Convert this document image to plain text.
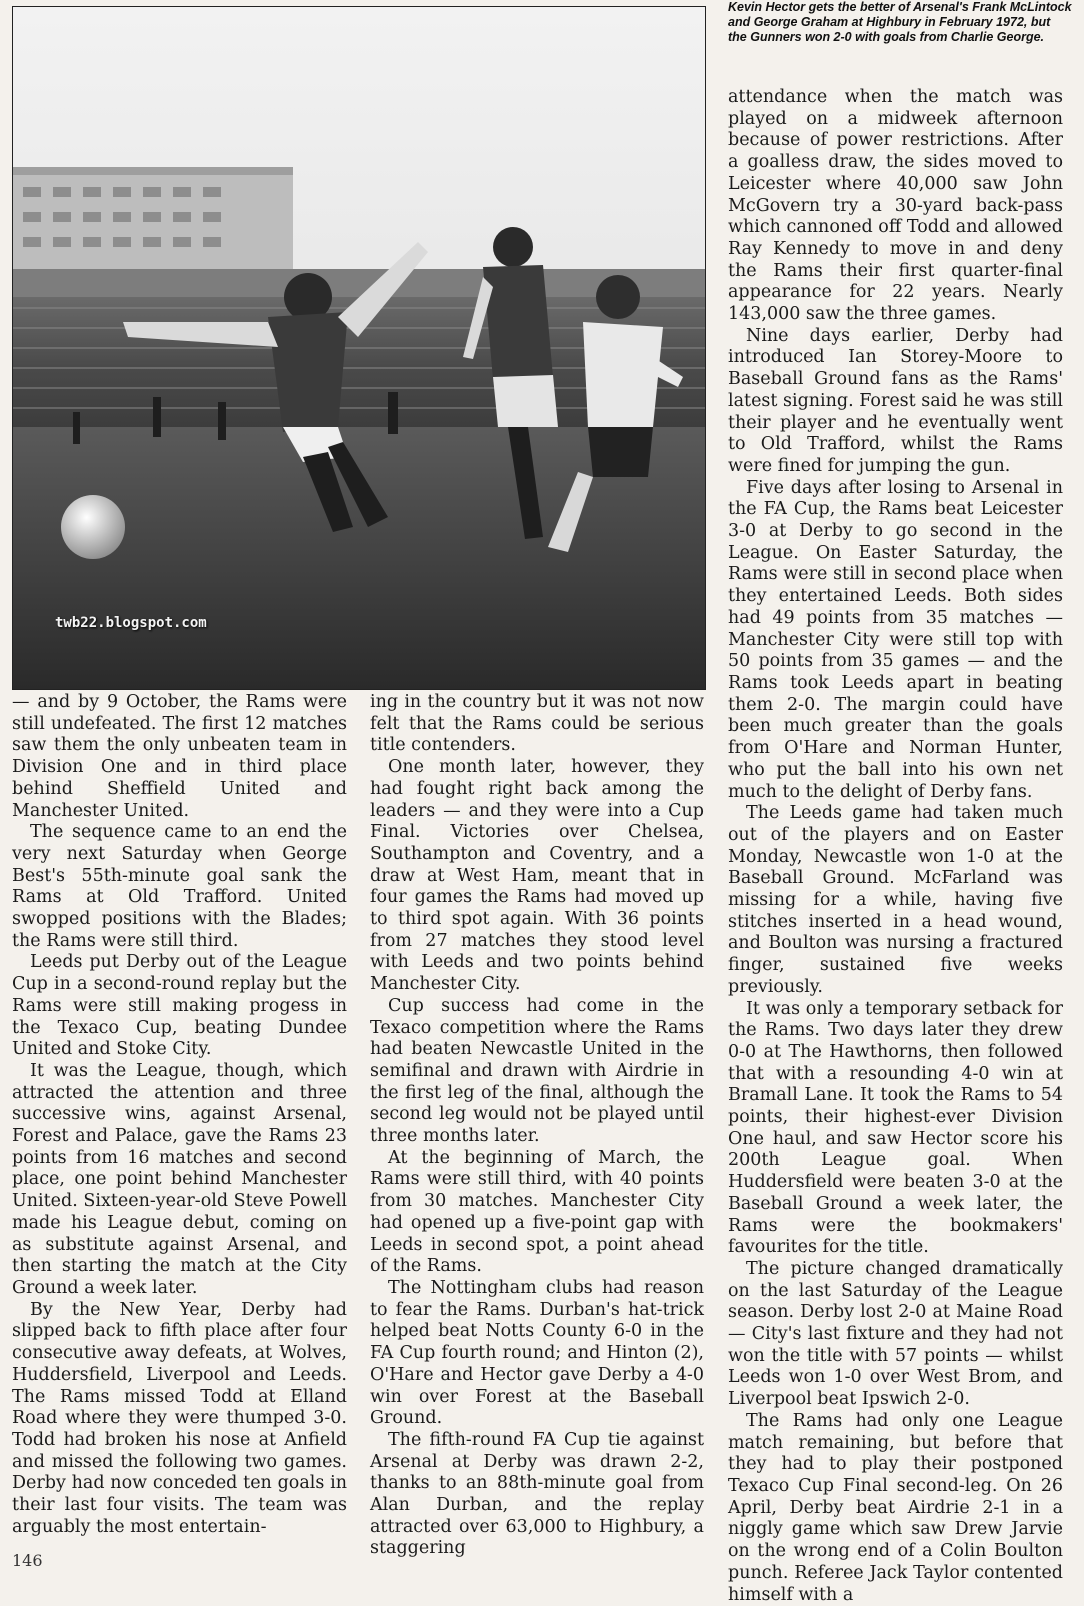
twb22.blogspot.com
Kevin Hector gets the better of Arsenal's Frank McLintock and George Graham at Highbury in February 1972, but the Gunners won 2-0 with goals from Charlie George.

— and by 9 October, the Rams were still undefeated. The first 12 matches saw them the only unbeaten team in Division One and in third place behind Sheffield United and Manchester United.

The sequence came to an end the very next Saturday when George Best's 55th-minute goal sank the Rams at Old Trafford. United swopped positions with the Blades; the Rams were still third.

Leeds put Derby out of the League Cup in a second-round replay but the Rams were still making progess in the Texaco Cup, beating Dundee United and Stoke City.

It was the League, though, which attracted the attention and three successive wins, against Arsenal, Forest and Palace, gave the Rams 23 points from 16 matches and second place, one point behind Manchester United. Sixteen-year-old Steve Powell made his League debut, coming on as substitute against Arsenal, and then starting the match at the City Ground a week later.

By the New Year, Derby had slipped back to fifth place after four consecutive away defeats, at Wolves, Huddersfield, Liverpool and Leeds. The Rams missed Todd at Elland Road where they were thumped 3-0. Todd had broken his nose at Anfield and missed the following two games. Derby had now conceded ten goals in their last four visits. The team was arguably the most entertain-

ing in the country but it was not now felt that the Rams could be serious title contenders.

One month later, however, they had fought right back among the leaders — and they were into a Cup Final. Victories over Chelsea, Southampton and Coventry, and a draw at West Ham, meant that in four games the Rams had moved up to third spot again. With 36 points from 27 matches they stood level with Leeds and two points behind Manchester City.

Cup success had come in the Texaco competition where the Rams had beaten Newcastle United in the semifinal and drawn with Airdrie in the first leg of the final, although the second leg would not be played until three months later.

At the beginning of March, the Rams were still third, with 40 points from 30 matches. Manchester City had opened up a five-point gap with Leeds in second spot, a point ahead of the Rams.

The Nottingham clubs had reason to fear the Rams. Durban's hat-trick helped beat Notts County 6-0 in the FA Cup fourth round; and Hinton (2), O'Hare and Hector gave Derby a 4-0 win over Forest at the Baseball Ground.

The fifth-round FA Cup tie against Arsenal at Derby was drawn 2-2, thanks to an 88th-minute goal from Alan Durban, and the replay attracted over 63,000 to Highbury, a staggering

attendance when the match was played on a midweek afternoon because of power restrictions. After a goalless draw, the sides moved to Leicester where 40,000 saw John McGovern try a 30-yard back-pass which cannoned off Todd and allowed Ray Kennedy to move in and deny the Rams their first quarter-final appearance for 22 years. Nearly 143,000 saw the three games.

Nine days earlier, Derby had introduced Ian Storey-Moore to Baseball Ground fans as the Rams' latest signing. Forest said he was still their player and he eventually went to Old Trafford, whilst the Rams were fined for jumping the gun.

Five days after losing to Arsenal in the FA Cup, the Rams beat Leicester 3-0 at Derby to go second in the League. On Easter Saturday, the Rams were still in second place when they entertained Leeds. Both sides had 49 points from 35 matches — Manchester City were still top with 50 points from 35 games — and the Rams took Leeds apart in beating them 2-0. The margin could have been much greater than the goals from O'Hare and Norman Hunter, who put the ball into his own net much to the delight of Derby fans.

The Leeds game had taken much out of the players and on Easter Monday, Newcastle won 1-0 at the Baseball Ground. McFarland was missing for a while, having five stitches inserted in a head wound, and Boulton was nursing a fractured finger, sustained five weeks previously.

It was only a temporary setback for the Rams. Two days later they drew 0-0 at The Hawthorns, then followed that with a resounding 4-0 win at Bramall Lane. It took the Rams to 54 points, their highest-ever Division One haul, and saw Hector score his 200th League goal. When Huddersfield were beaten 3-0 at the Baseball Ground a week later, the Rams were the bookmakers' favourites for the title.

The picture changed dramatically on the last Saturday of the League season. Derby lost 2-0 at Maine Road — City's last fixture and they had not won the title with 57 points — whilst Leeds won 1-0 over West Brom, and Liverpool beat Ipswich 2-0.

The Rams had only one League match remaining, but before that they had to play their postponed Texaco Cup Final second-leg. On 26 April, Derby beat Airdrie 2-1 in a niggly game which saw Drew Jarvie on the wrong end of a Colin Boulton punch. Referee Jack Taylor contented himself with a

146
